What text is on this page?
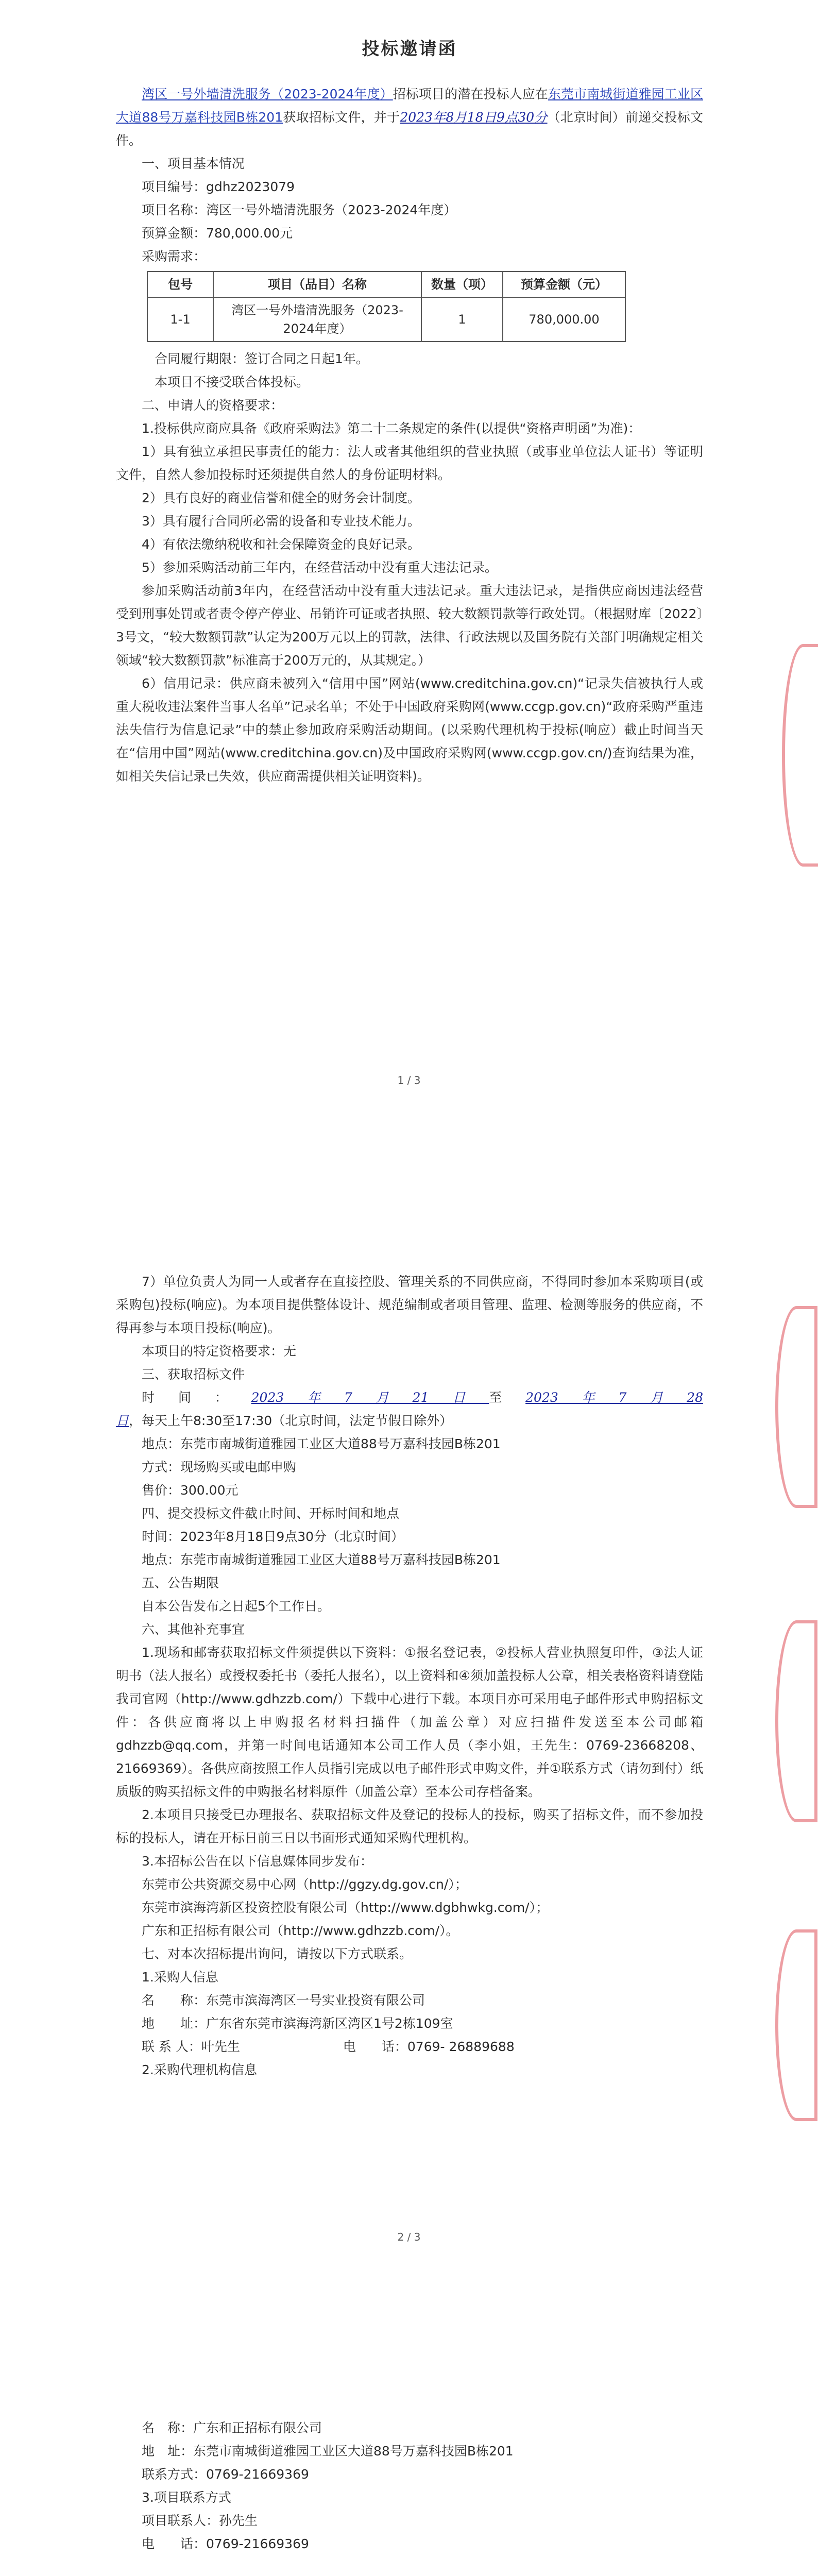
投标邀请函

湾区一号外墙清洗服务（2023-2024年度）招标项目的潜在投标人应在东莞市南城街道雅园工业区大道88号万嘉科技园B栋201获取招标文件，并于2023年8月18日9点30分（北京时间）前递交投标文件。

一、项目基本情况

项目编号：gdhz2023079

项目名称：湾区一号外墙清洗服务（2023-2024年度）

预算金额：780,000.00元

采购需求：

包号	项目（品目）名称	数量（项）	预算金额（元）
1-1	湾区一号外墙清洗服务（2023-2024年度）	1	780,000.00

合同履行期限：签订合同之日起1年。

本项目不接受联合体投标。

二、申请人的资格要求：

1.投标供应商应具备《政府采购法》第二十二条规定的条件(以提供“资格声明函”为准)：

1）具有独立承担民事责任的能力：法人或者其他组织的营业执照（或事业单位法人证书）等证明文件，自然人参加投标时还须提供自然人的身份证明材料。

2）具有良好的商业信誉和健全的财务会计制度。

3）具有履行合同所必需的设备和专业技术能力。

4）有依法缴纳税收和社会保障资金的良好记录。

5）参加采购活动前三年内，在经营活动中没有重大违法记录。

参加采购活动前3年内，在经营活动中没有重大违法记录。重大违法记录，是指供应商因违法经营受到刑事处罚或者责令停产停业、吊销许可证或者执照、较大数额罚款等行政处罚。（根据财库〔2022〕3号文，“较大数额罚款”认定为200万元以上的罚款，法律、行政法规以及国务院有关部门明确规定相关领域“较大数额罚款”标准高于200万元的，从其规定。）

6）信用记录：供应商未被列入“信用中国”网站(www.creditchina.gov.cn)“记录失信被执行人或重大税收违法案件当事人名单”记录名单；不处于中国政府采购网(www.ccgp.gov.cn)“政府采购严重违法失信行为信息记录”中的禁止参加政府采购活动期间。(以采购代理机构于投标(响应）截止时间当天在“信用中国”网站(www.creditchina.gov.cn)及中国政府采购网(www.ccgp.gov.cn/)查询结果为准，如相关失信记录已失效，供应商需提供相关证明资料)。

1 / 3

7）单位负责人为同一人或者存在直接控股、管理关系的不同供应商，不得同时参加本采购项目(或采购包)投标(响应)。为本项目提供整体设计、规范编制或者项目管理、监理、检测等服务的供应商，不得再参与本项目投标(响应)。

本项目的特定资格要求：无

三、获取招标文件

时间：2023年7月21日至2023年7月28日，每天上午8:30至17:30（北京时间，法定节假日除外）

地点：东莞市南城街道雅园工业区大道88号万嘉科技园B栋201

方式：现场购买或电邮申购

售价：300.00元

四、提交投标文件截止时间、开标时间和地点

时间：2023年8月18日9点30分（北京时间）

地点：东莞市南城街道雅园工业区大道88号万嘉科技园B栋201

五、公告期限

自本公告发布之日起5个工作日。

六、其他补充事宜

1.现场和邮寄获取招标文件须提供以下资料：①报名登记表，②投标人营业执照复印件，③法人证明书（法人报名）或授权委托书（委托人报名），以上资料和④须加盖投标人公章，相关表格资料请登陆我司官网（http://www.gdhzzb.com/）下载中心进行下载。本项目亦可采用电子邮件形式申购招标文件：各供应商将以上申购报名材料扫描件（加盖公章）对应扫描件发送至本公司邮箱gdhzzb@qq.com，并第一时间电话通知本公司工作人员（李小姐，王先生：0769-23668208、21669369）。各供应商按照工作人员指引完成以电子邮件形式申购文件，并①联系方式（请勿到付）纸质版的购买招标文件的申购报名材料原件（加盖公章）至本公司存档备案。

2.本项目只接受已办理报名、获取招标文件及登记的投标人的投标，购买了招标文件，而不参加投标的投标人，请在开标日前三日以书面形式通知采购代理机构。

3.本招标公告在以下信息媒体同步发布：

东莞市公共资源交易中心网（http://ggzy.dg.gov.cn/）；

东莞市滨海湾新区投资控股有限公司（http://www.dgbhwkg.com/）；

广东和正招标有限公司（http://www.gdhzzb.com/）。

七、对本次招标提出询问，请按以下方式联系。

1.采购人信息

名　　称：东莞市滨海湾区一号实业投资有限公司

地　　址：广东省东莞市滨海湾新区湾区1号2栋109室

联 系 人：叶先生　　　　　　　　电　　话：0769- 26889688

2.采购代理机构信息

2 / 3

名　称：广东和正招标有限公司

地　址：东莞市南城街道雅园工业区大道88号万嘉科技园B栋201

联系方式：0769-21669369

3.项目联系方式

项目联系人：孙先生

电　　话：0769-21669369
